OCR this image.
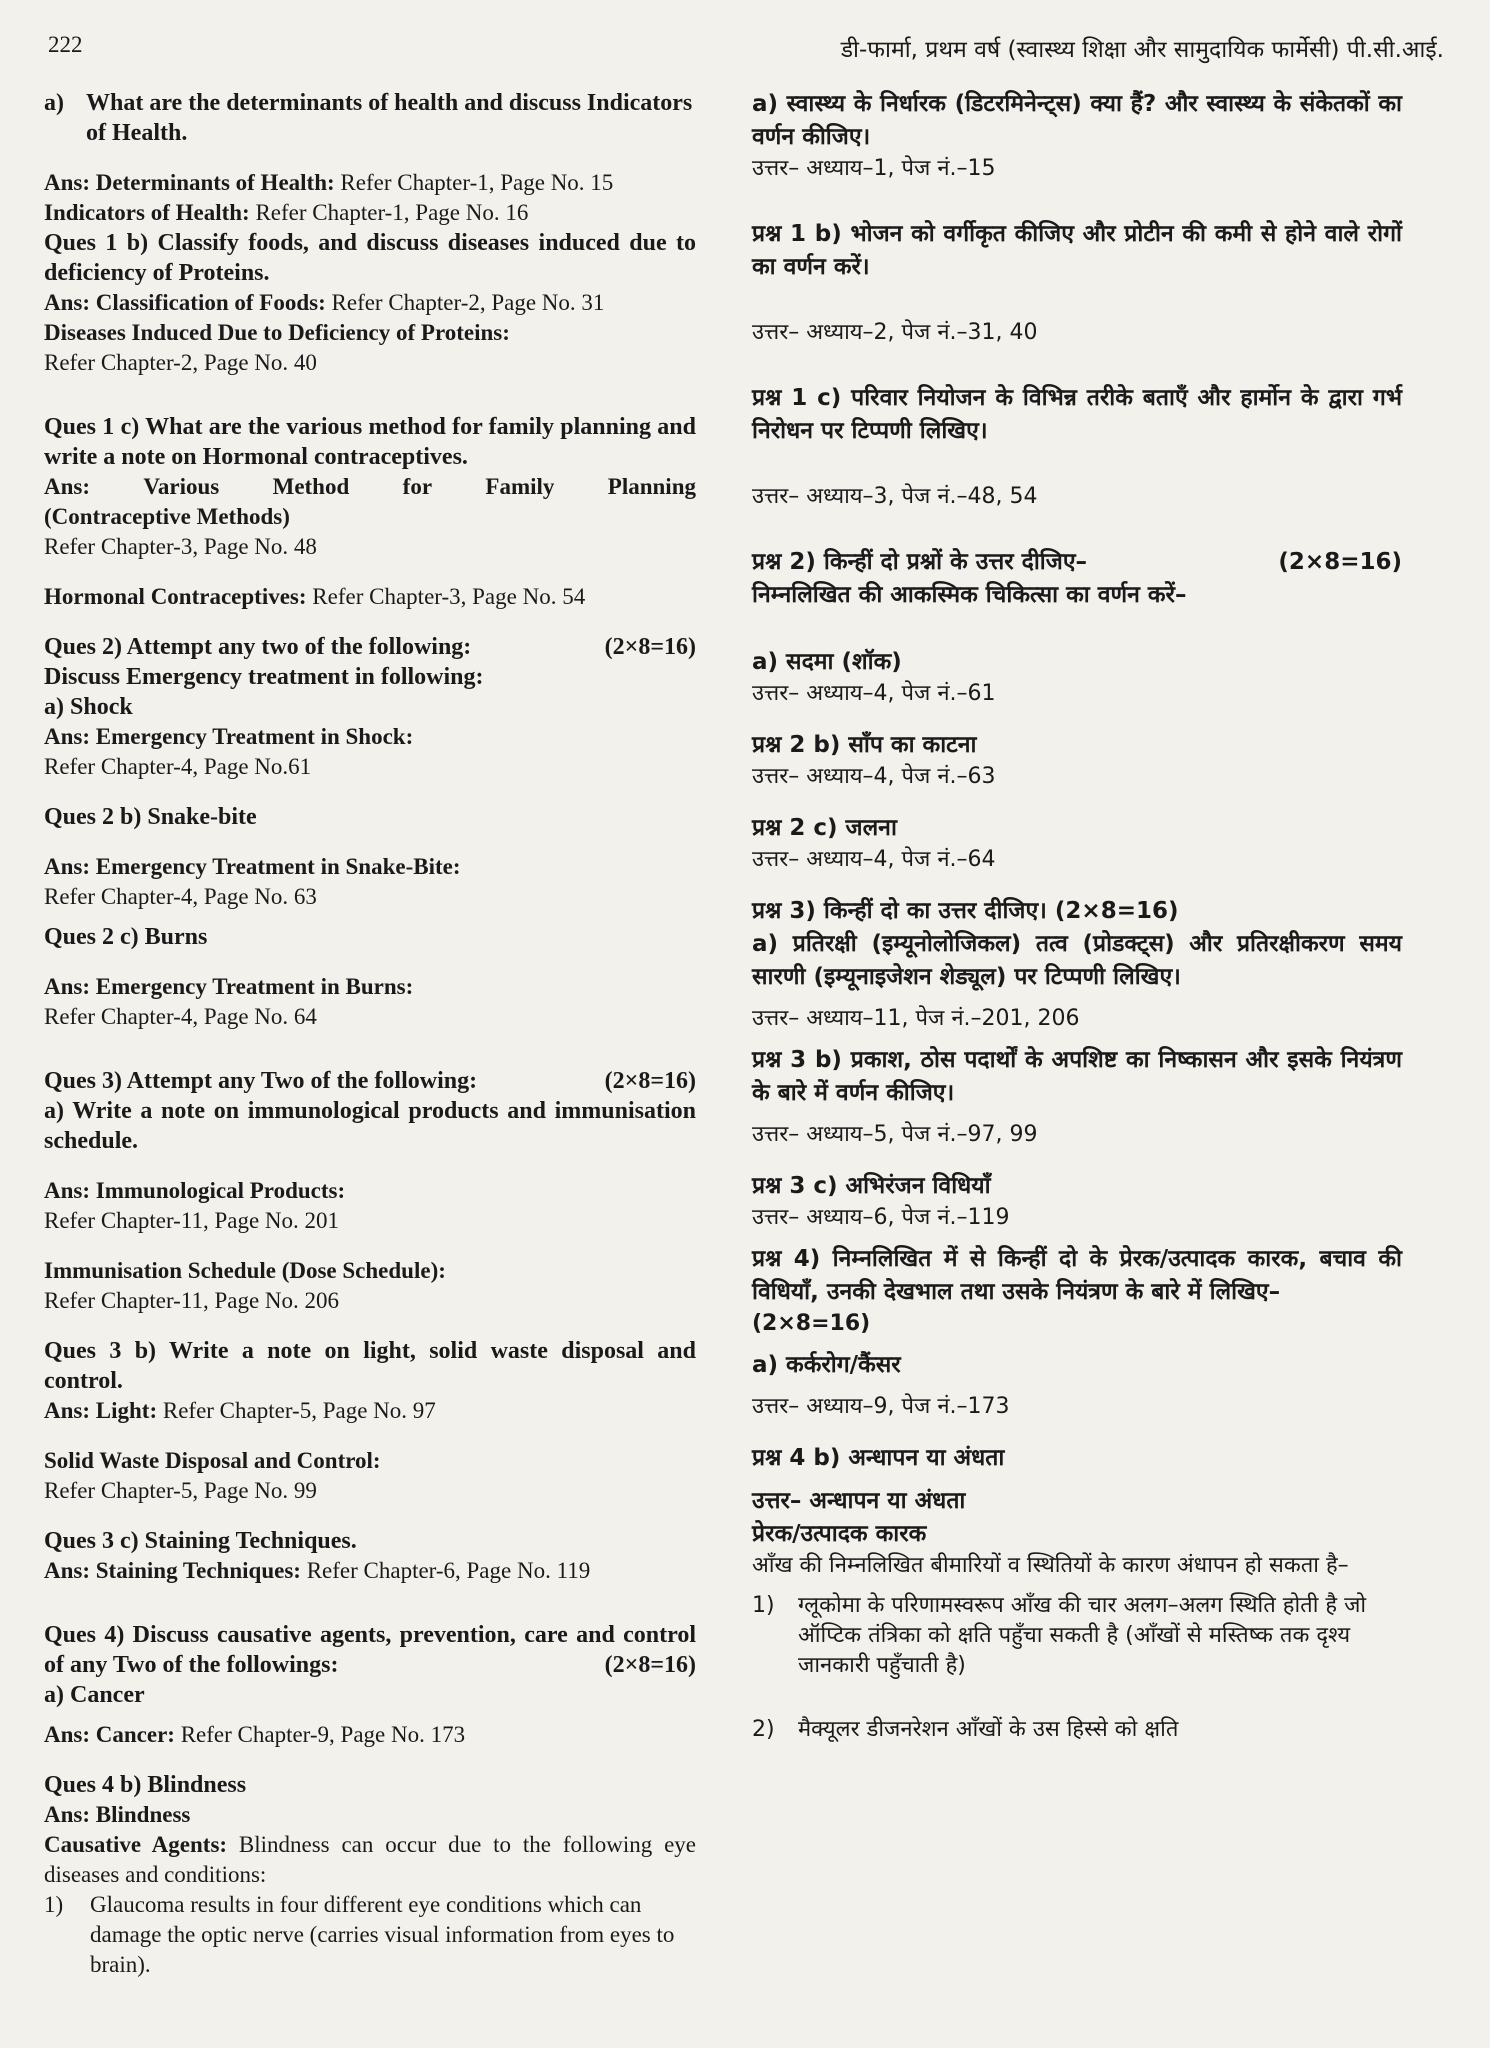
222	डी-फार्मा, प्रथम वर्ष (स्वास्थ्य शिक्षा और सामुदायिक फार्मेसी) पी.सी.आई.
a) What are the determinants of health and discuss Indicators of Health.

Ans: Determinants of Health: Refer Chapter-1, Page No. 15

Indicators of Health: Refer Chapter-1, Page No. 16

Ques 1 b) Classify foods, and discuss diseases induced due to deficiency of Proteins.

Ans: Classification of Foods: Refer Chapter-2, Page No. 31

Diseases Induced Due to Deficiency of Proteins:

Refer Chapter-2, Page No. 40

Ques 1 c) What are the various method for family planning and write a note on Hormonal contraceptives.

Ans: Various Method for Family Planning

(Contraceptive Methods)

Refer Chapter-3, Page No. 48

Hormonal Contraceptives: Refer Chapter-3, Page No. 54

Ques 2) Attempt any two of the following:	(2×8=16)

Discuss Emergency treatment in following:

a) Shock

Ans: Emergency Treatment in Shock:

Refer Chapter-4, Page No.61

Ques 2 b) Snake-bite

Ans: Emergency Treatment in Snake-Bite:

Refer Chapter-4, Page No. 63

Ques 2 c) Burns

Ans: Emergency Treatment in Burns:

Refer Chapter-4, Page No. 64

Ques 3) Attempt any Two of the following:	(2×8=16)

a) Write a note on immunological products and immunisation schedule.

Ans: Immunological Products:

Refer Chapter-11, Page No. 201

Immunisation Schedule (Dose Schedule):

Refer Chapter-11, Page No. 206

Ques 3 b) Write a note on light, solid waste disposal and control.

Ans: Light: Refer Chapter-5, Page No. 97

Solid Waste Disposal and Control:

Refer Chapter-5, Page No. 99

Ques 3 c) Staining Techniques.

Ans: Staining Techniques: Refer Chapter-6, Page No. 119

Ques 4) Discuss causative agents, prevention, care and control of any Two of the followings:	(2×8=16)

a) Cancer

Ans: Cancer: Refer Chapter-9, Page No. 173

Ques 4 b) Blindness

Ans: Blindness

Causative Agents: Blindness can occur due to the following eye diseases and conditions:

1)	Glaucoma results in four different eye conditions which can damage the optic nerve (carries visual information from eyes to brain).

a) स्वास्थ्य के निर्धारक (डिटरमिनेन्ट्स) क्या हैं? और स्वास्थ्य के संकेतकों का वर्णन कीजिए।

उत्तर– अध्याय–1, पेज नं.–15

प्रश्न 1 b) भोजन को वर्गीकृत कीजिए और प्रोटीन की कमी से होने वाले रोगों का वर्णन करें।

उत्तर– अध्याय–2, पेज नं.–31, 40

प्रश्न 1 c) परिवार नियोजन के विभिन्न तरीके बताएँ और हार्मोन के द्वारा गर्भ निरोधन पर टिप्पणी लिखिए।

उत्तर– अध्याय–3, पेज नं.–48, 54

प्रश्न 2) किन्हीं दो प्रश्नों के उत्तर दीजिए–	(2×8=16)

निम्नलिखित की आकस्मिक चिकित्सा का वर्णन करें–

a) सदमा (शॉक)

उत्तर– अध्याय–4, पेज नं.–61

प्रश्न 2 b) साँप का काटना

उत्तर– अध्याय–4, पेज नं.–63

प्रश्न 2 c) जलना

उत्तर– अध्याय–4, पेज नं.–64

प्रश्न 3) किन्हीं दो का उत्तर दीजिए। (2×8=16)

a) प्रतिरक्षी (इम्यूनोलोजिकल) तत्व (प्रोडक्ट्स) और प्रतिरक्षीकरण समय सारणी (इम्यूनाइजेशन शेड्यूल) पर टिप्पणी लिखिए।

उत्तर– अध्याय–11, पेज नं.–201, 206

प्रश्न 3 b) प्रकाश, ठोस पदार्थों के अपशिष्ट का निष्कासन और इसके नियंत्रण के बारे में वर्णन कीजिए।

उत्तर– अध्याय–5, पेज नं.–97, 99

प्रश्न 3 c) अभिरंजन विधियाँ

उत्तर– अध्याय–6, पेज नं.–119

प्रश्न 4) निम्नलिखित में से किन्हीं दो के प्रेरक/उत्पादक कारक, बचाव की विधियाँ, उनकी देखभाल तथा उसके नियंत्रण के बारे में लिखिए–

(2×8=16)

a) कर्करोग/कैंसर

उत्तर– अध्याय–9, पेज नं.–173

प्रश्न 4 b) अन्धापन या अंधता

उत्तर– अन्धापन या अंधता

प्रेरक/उत्पादक कारक

आँख की निम्नलिखित बीमारियों व स्थितियों के कारण अंधापन हो सकता है–

1)	ग्लूकोमा के परिणामस्वरूप आँख की चार अलग–अलग स्थिति होती है जो ऑप्टिक तंत्रिका को क्षति पहुँचा सकती है (आँखों से मस्तिष्क तक दृश्य जानकारी पहुँचाती है)
2)	मैक्यूलर डीजनरेशन आँखों के उस हिस्से को क्षति
